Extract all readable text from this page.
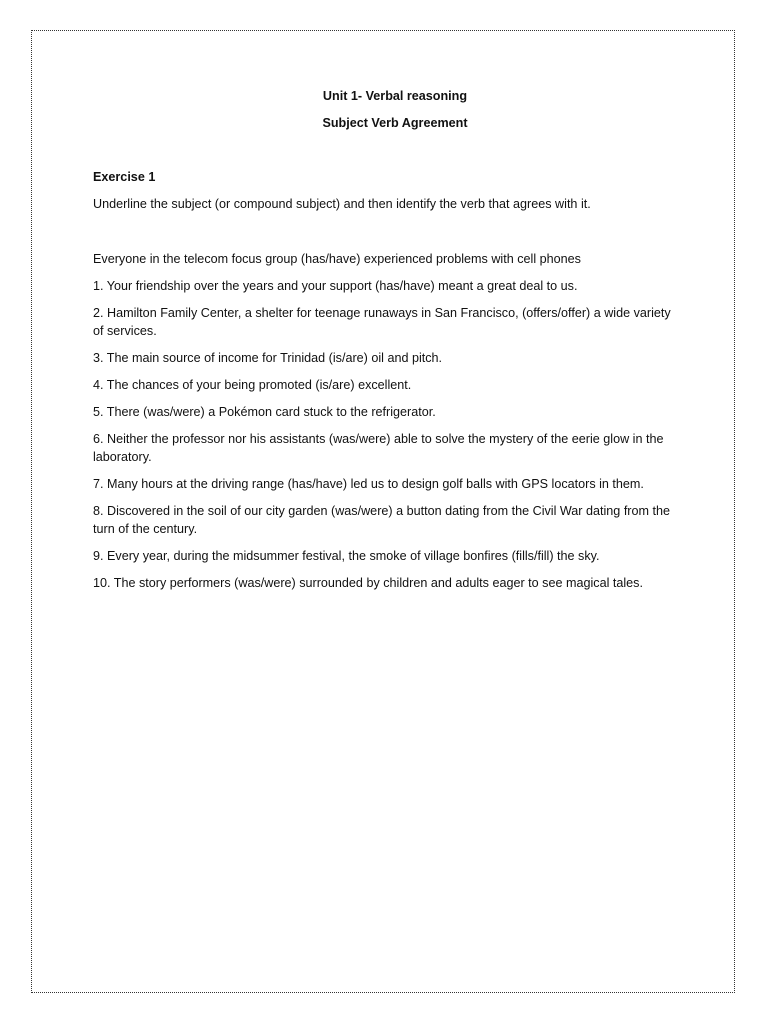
Unit 1- Verbal reasoning
Subject Verb Agreement
Exercise 1
Underline the subject (or compound subject) and then identify the verb that agrees with it.
Everyone in the telecom focus group (has/have) experienced problems with cell phones
1. Your friendship over the years and your support (has/have) meant a great deal to us.
2. Hamilton Family Center, a shelter for teenage runaways in San Francisco, (offers/offer) a wide variety of services.
3. The main source of income for Trinidad (is/are) oil and pitch.
4. The chances of your being promoted (is/are) excellent.
5. There (was/were) a Pokémon card stuck to the refrigerator.
6. Neither the professor nor his assistants (was/were) able to solve the mystery of the eerie glow in the laboratory.
7. Many hours at the driving range (has/have) led us to design golf balls with GPS locators in them.
8. Discovered in the soil of our city garden (was/were) a button dating from the Civil War dating from the turn of the century.
9. Every year, during the midsummer festival, the smoke of village bonfires (fills/fill) the sky.
10. The story performers (was/were) surrounded by children and adults eager to see magical tales.
